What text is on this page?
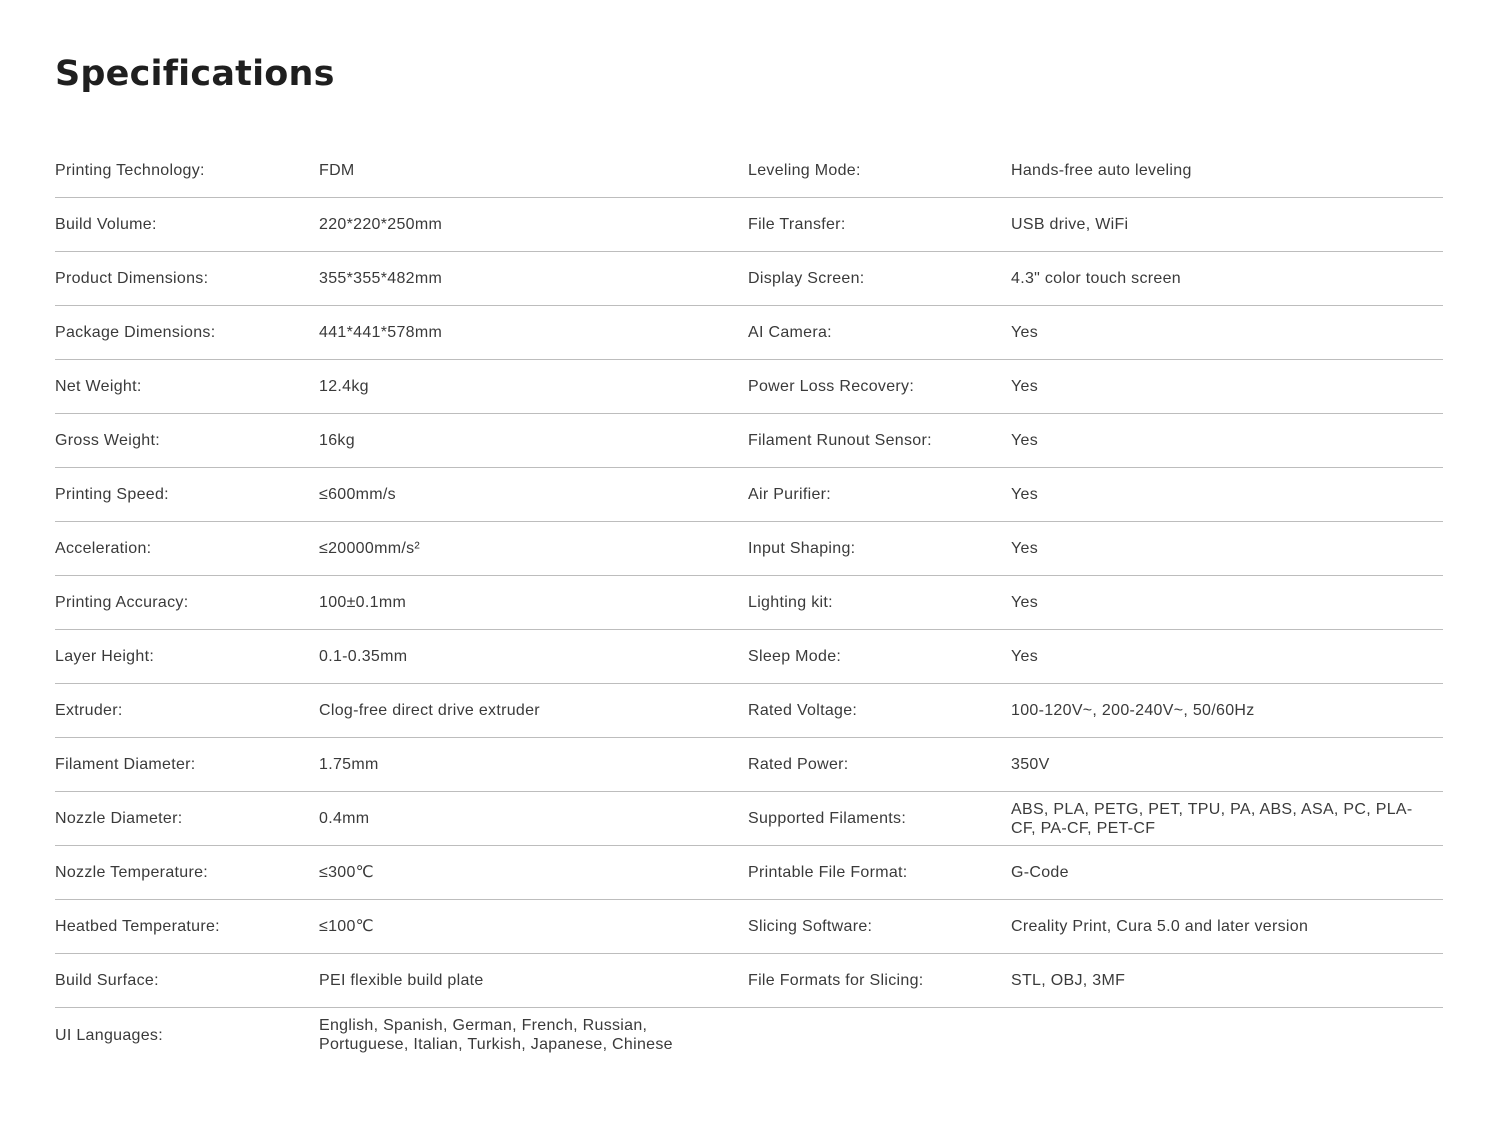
Specifications
Printing Technology:	FDM	Leveling Mode:	Hands-free auto leveling
Build Volume:	220*220*250mm	File Transfer:	USB drive, WiFi
Product Dimensions:	355*355*482mm	Display Screen:	4.3" color touch screen
Package Dimensions:	441*441*578mm	AI Camera:	Yes
Net Weight:	12.4kg	Power Loss Recovery:	Yes
Gross Weight:	16kg	Filament Runout Sensor:	Yes
Printing Speed:	≤600mm/s	Air Purifier:	Yes
Acceleration:	≤20000mm/s²	Input Shaping:	Yes
Printing Accuracy:	100±0.1mm	Lighting kit:	Yes
Layer Height:	0.1-0.35mm	Sleep Mode:	Yes
Extruder:	Clog-free direct drive extruder	Rated Voltage:	100-120V~, 200-240V~, 50/60Hz
Filament Diameter:	1.75mm	Rated Power:	350V
Nozzle Diameter:	0.4mm	Supported Filaments:
ABS, PLA, PETG, PET, TPU, PA, ABS, ASA, PC, PLA-CF, PA-CF, PET-CF
Nozzle Temperature:	≤300℃	Printable File Format:	G-Code
Heatbed Temperature:	≤100℃	Slicing Software:	Creality Print, Cura 5.0 and later version
Build Surface:	PEI flexible build plate	File Formats for Slicing:	STL, OBJ, 3MF
UI Languages:
English, Spanish, German, French, Russian, Portuguese, Italian, Turkish, Japanese, Chinese
